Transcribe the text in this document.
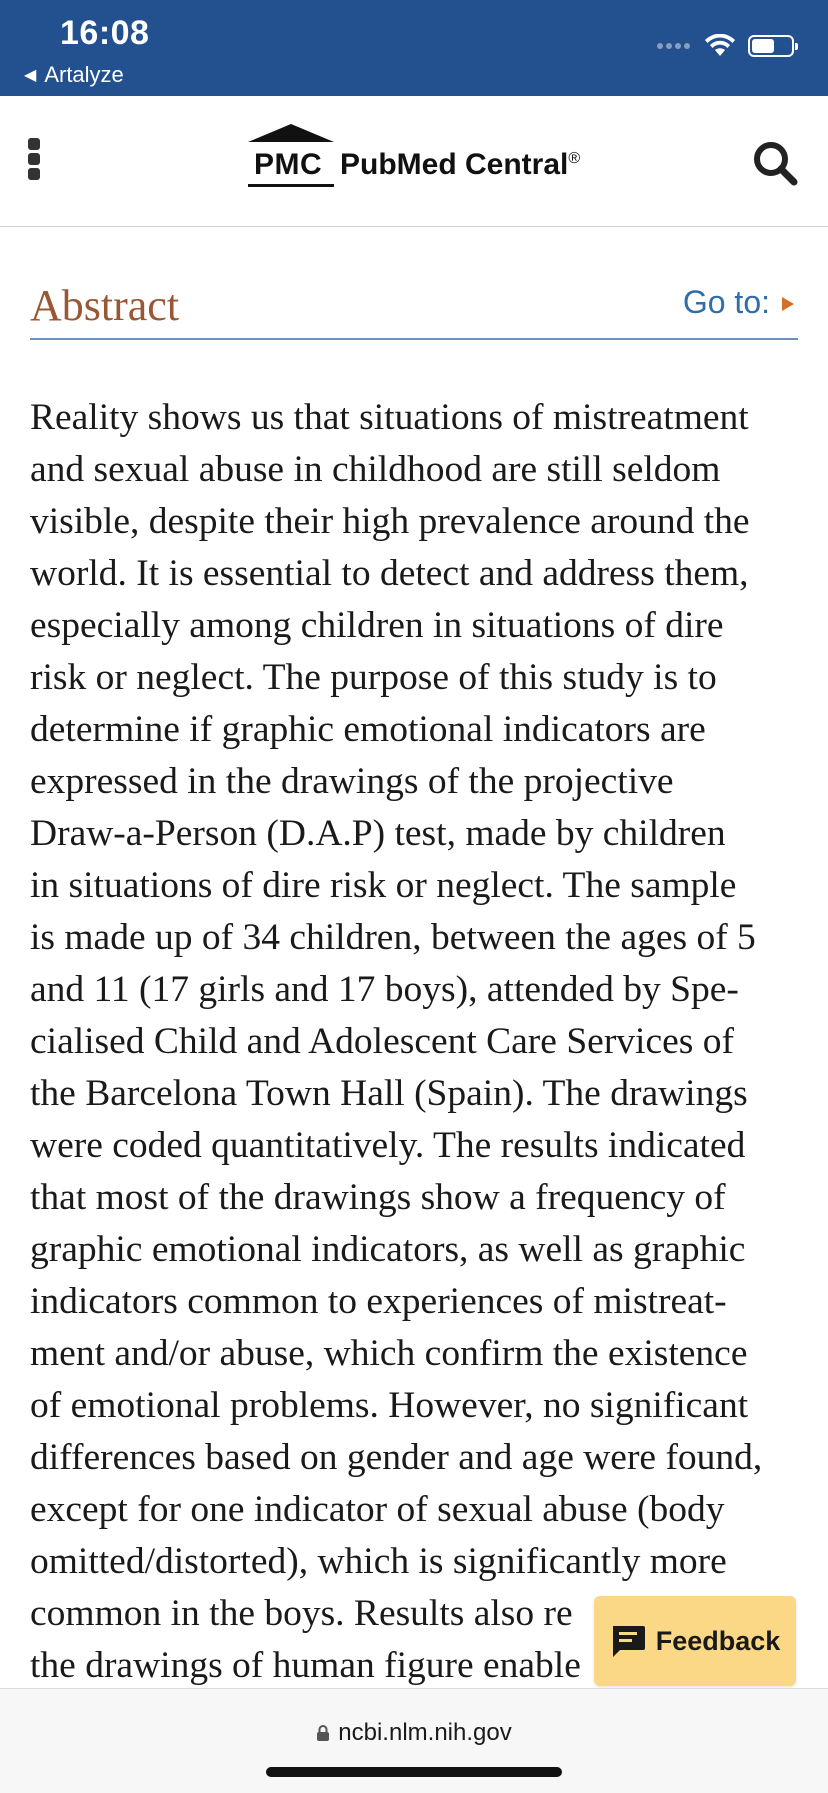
16:08
◀ Artalyze
PMC PubMed Central®
Abstract	Go to:
Reality shows us that situations of mistreatment
and sexual abuse in childhood are still seldom
visible, despite their high prevalence around the
world. It is essential to detect and address them,
especially among children in situations of dire
risk or neglect. The purpose of this study is to
determine if graphic emotional indicators are
expressed in the drawings of the projective
Draw-a-Person (D.A.P) test, made by children
in situations of dire risk or neglect. The sample
is made up of 34 children, between the ages of 5
and 11 (17 girls and 17 boys), attended by Spe-
cialised Child and Adolescent Care Services of
the Barcelona Town Hall (Spain). The drawings
were coded quantitatively. The results indicated
that most of the drawings show a frequency of
graphic emotional indicators, as well as graphic
indicators common to experiences of mistreat-
ment and/or abuse, which confirm the existence
of emotional problems. However, no significant
differences based on gender and age were found,
except for one indicator of sexual abuse (body
omitted/distorted), which is significantly more
common in the boys. Results also re
the drawings of human figure enable
Feedback
ncbi.nlm.nih.gov
